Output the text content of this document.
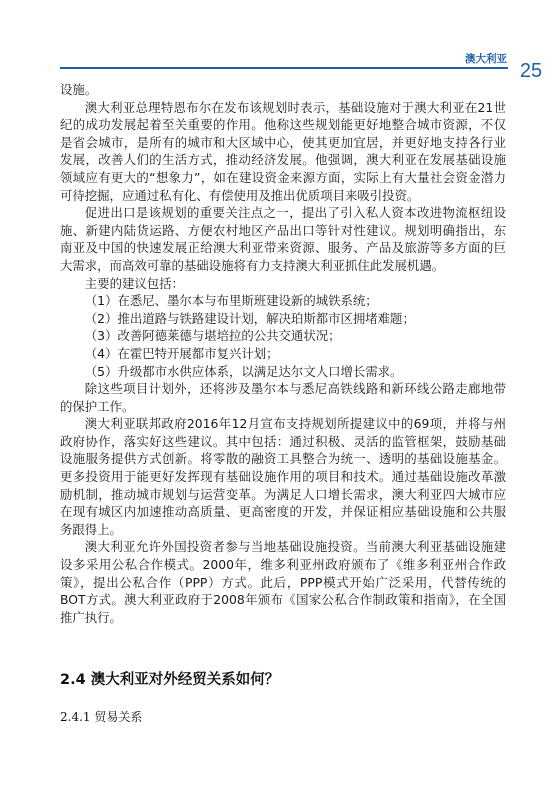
澳大利亚
25

设施。

澳大利亚总理特恩布尔在发布该规划时表示，基础设施对于澳大利亚在21世纪的成功发展起着至关重要的作用。他称这些规划能更好地整合城市资源，不仅是省会城市，是所有的城市和大区域中心，使其更加宜居，并更好地支持各行业发展，改善人们的生活方式，推动经济发展。他强调，澳大利亚在发展基础设施领域应有更大的“想象力”，如在建设资金来源方面，实际上有大量社会资金潜力可待挖掘，应通过私有化、有偿使用及推出优质项目来吸引投资。

促进出口是该规划的重要关注点之一，提出了引入私人资本改进物流枢纽设施、新建内陆货运路、方便农村地区产品出口等针对性建议。规划明确指出，东南亚及中国的快速发展正给澳大利亚带来资源、服务、产品及旅游等多方面的巨大需求，而高效可靠的基础设施将有力支持澳大利亚抓住此发展机遇。

主要的建议包括：

（1）在悉尼、墨尔本与布里斯班建设新的城铁系统；

（2）推出道路与铁路建设计划，解决珀斯都市区拥堵难题；

（3）改善阿德莱德与堪培拉的公共交通状况；

（4）在霍巴特开展都市复兴计划；

（5）升级都市水供应体系，以满足达尔文人口增长需求。

除这些项目计划外，还将涉及墨尔本与悉尼高铁线路和新环线公路走廊地带的保护工作。

澳大利亚联邦政府2016年12月宣布支持规划所提建议中的69项，并将与州政府协作，落实好这些建议。其中包括：通过积极、灵活的监管框架，鼓励基础设施服务提供方式创新。将零散的融资工具整合为统一、透明的基础设施基金。更多投资用于能更好发挥现有基础设施作用的项目和技术。通过基础设施改革激励机制，推动城市规划与运营变革。为满足人口增长需求，澳大利亚四大城市应在现有城区内加速推动高质量、更高密度的开发，并保证相应基础设施和公共服务跟得上。

澳大利亚允许外国投资者参与当地基础设施投资。当前澳大利亚基础设施建设多采用公私合作模式。2000年，维多利亚州政府颁布了《维多利亚州合作政策》，提出公私合作（PPP）方式。此后，PPP模式开始广泛采用，代替传统的BOT方式。澳大利亚政府于2008年颁布《国家公私合作制政策和指南》，在全国推广执行。

2.4 澳大利亚对外经贸关系如何？
2.4.1 贸易关系
